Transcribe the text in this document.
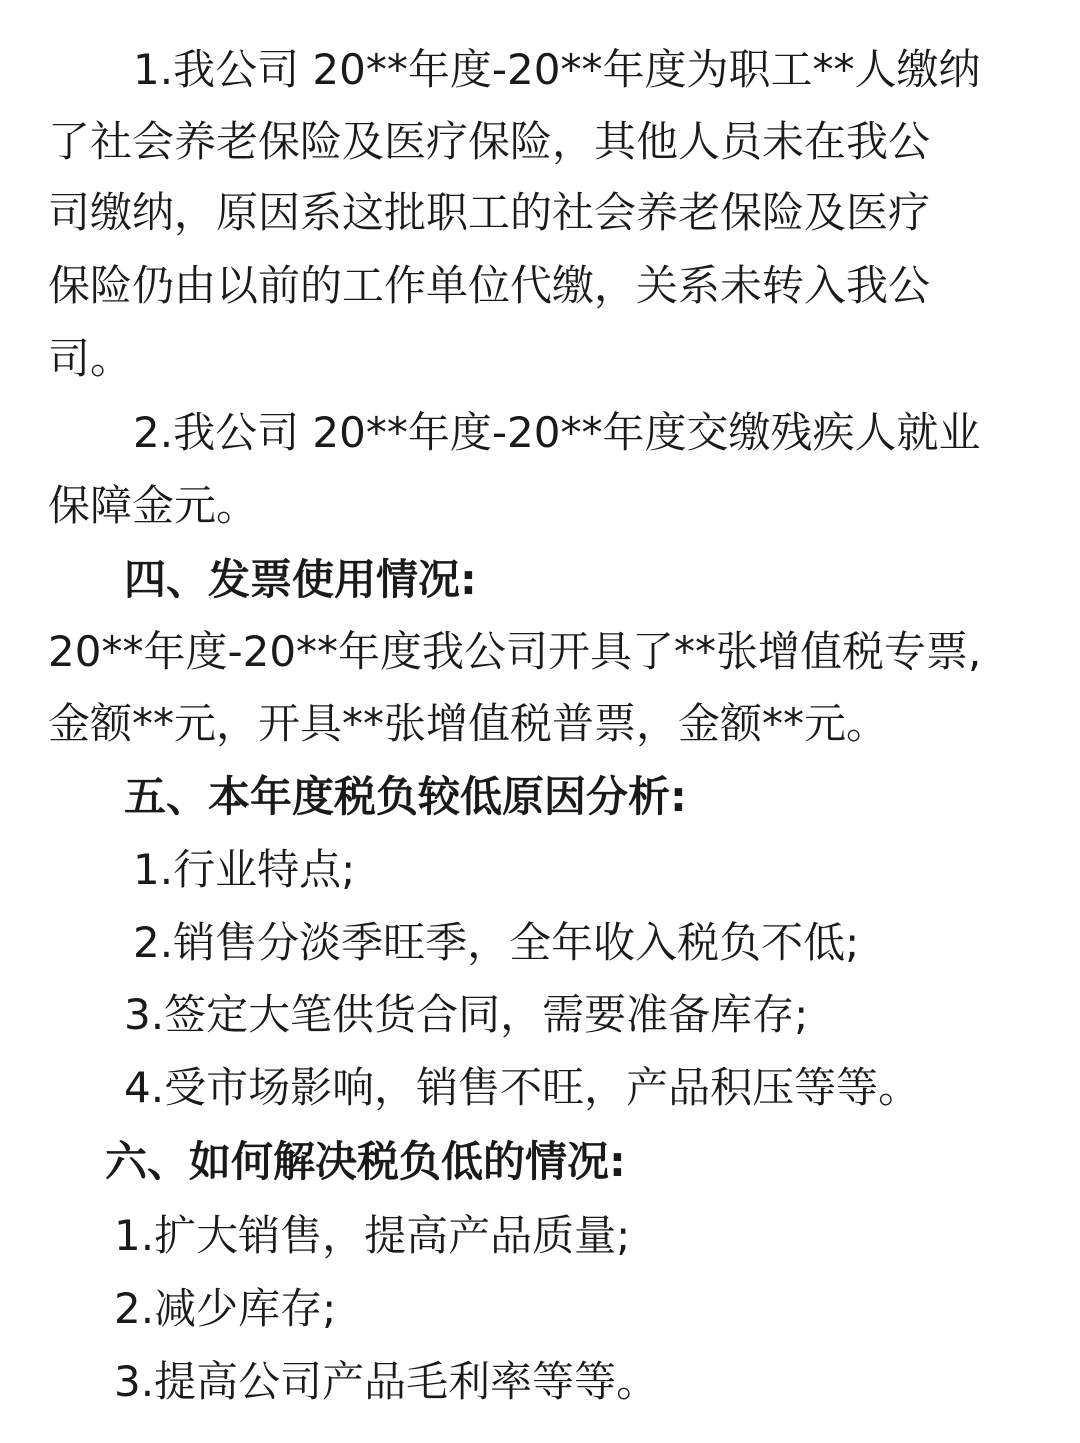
1.我公司 20**年度-20**年度为职工**人缴纳
了社会养老保险及医疗保险，其他人员未在我公
司缴纳，原因系这批职工的社会养老保险及医疗
保险仍由以前的工作单位代缴，关系未转入我公
司。
2.我公司 20**年度-20**年度交缴残疾人就业
保障金元。
四、发票使用情况:
20**年度-20**年度我公司开具了**张增值税专票,
金额**元，开具**张增值税普票，金额**元。
五、本年度税负较低原因分析:
1.行业特点;
2.销售分淡季旺季，全年收入税负不低;
3.签定大笔供货合同，需要准备库存;
4.受市场影响，销售不旺，产品积压等等。
六、如何解决税负低的情况:
1.扩大销售，提高产品质量;
2.减少库存;
3.提高公司产品毛利率等等。
